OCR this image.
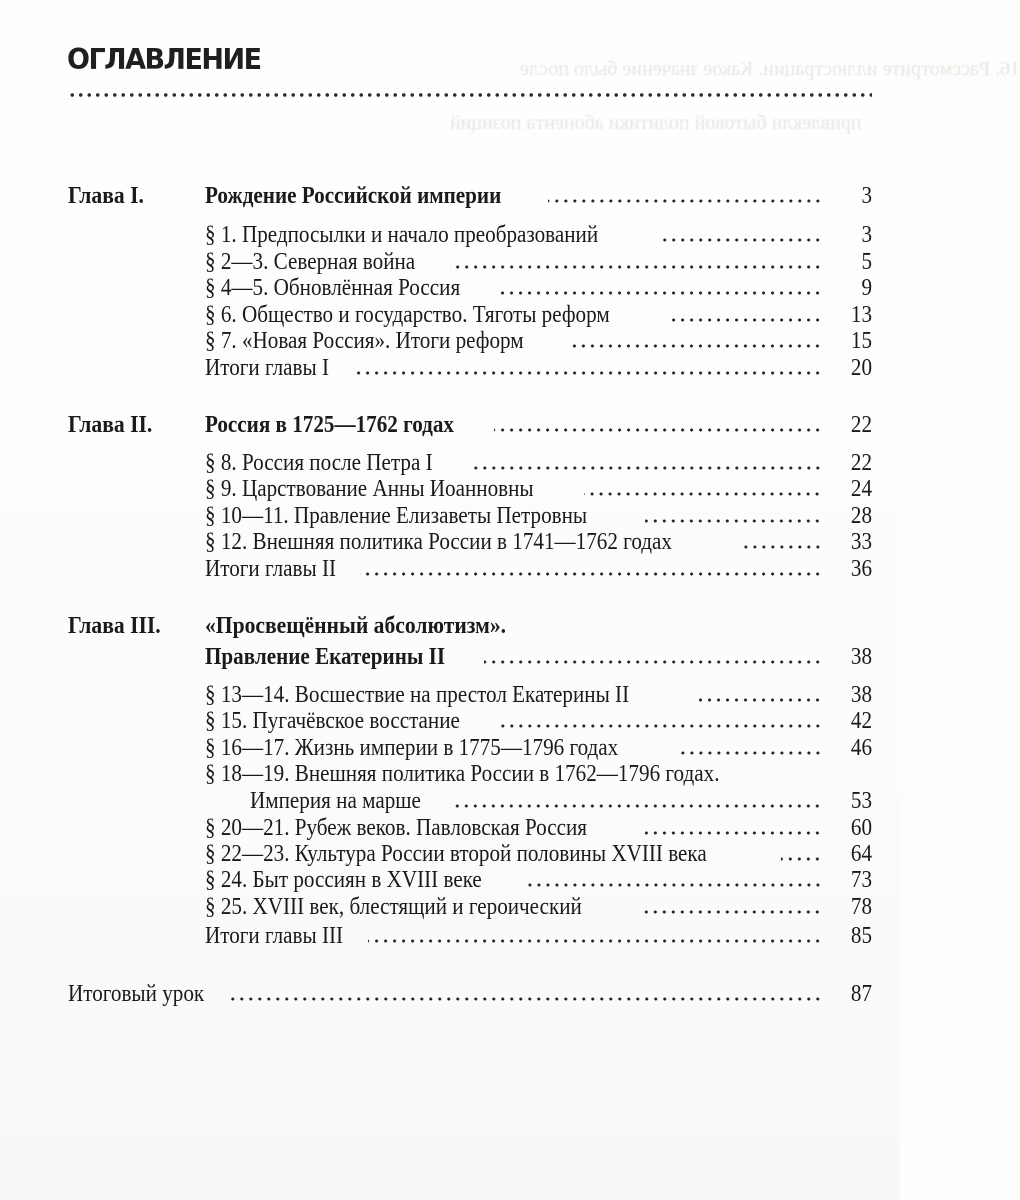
16. Рассмотрите иллюстрации. Какое значение было после
привлекли бытовой политики абонента позиций
ОГЛАВЛЕНИЕ
Глава I.	Рождение Российской империи	3
§ 1. Предпосылки и начало преобразований	3
§ 2—3. Северная война	5
§ 4—5. Обновлённая Россия	9
§ 6. Общество и государство. Тяготы реформ	13
§ 7. «Новая Россия». Итоги реформ	15
Итоги главы I	20
Глава II. Россия в 1725—1762 годах	22
§ 8. Россия после Петра I	22
§ 9. Царствование Анны Иоанновны	24
§ 10—11. Правление Елизаветы Петровны	28
§ 12. Внешняя политика России в 1741—1762 годах	33
Итоги главы II	36
Глава III. «Просвещённый абсолютизм».
Правление Екатерины II	38
§ 13—14. Восшествие на престол Екатерины II	38
§ 15. Пугачёвское восстание	42
§ 16—17. Жизнь империи в 1775—1796 годах	46
§ 18—19. Внешняя политика России в 1762—1796 годах.
Империя на марше	53
§ 20—21. Рубеж веков. Павловская Россия	60
§ 22—23. Культура России второй половины XVIII века	64
§ 24. Быт россиян в XVIII веке	73
§ 25. XVIII век, блестящий и героический	78
Итоги главы III	85
Итоговый урок	87
